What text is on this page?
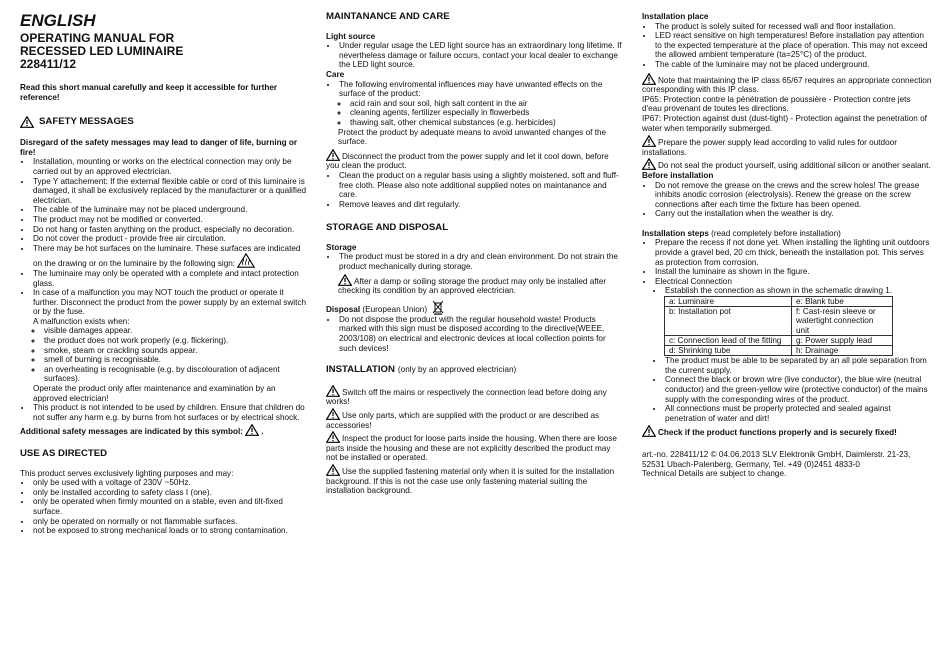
ENGLISH
OPERATING MANUAL FOR
RECESSED LED LUMINAIRE
228411/12

Read this short manual carefully and keep it accessible for further reference!

SAFETY MESSAGES

Disregard of the safety messages may lead to danger of life, burning or fire!

• Installation, mounting or works on the electrical connection may only be carried out by an approved electrician.
• Type Y attachement: If the external flexible cable or cord of this luminaire is damaged, it shall be exclusively replaced by the manufacturer or a qualified electrician.
• The cable of the luminaire may not be placed underground.
• The product may not be modified or converted.
• Do not hang or fasten anything on the product, especially no decoration.
• Do not cover the product - provide free air circulation.
• There may be hot surfaces on the luminaire. These surfaces are indicated on the drawing or on the luminaire by the following sign:
• The luminaire may only be operated with a complete and intact protection glass.
• In case of a malfunction you may NOT touch the product or operate it further. Disconnect the product from the power supply by an external switch or by the fuse.
A malfunction exists when:
◦ visible damages appear.
◦ the product does not work properly (e.g. flickering).
◦ smoke, steam or crackling sounds appear.
◦ smell of burning is recognisable.
◦ an overheating is recognisable (e.g. by discolouration of adjacent surfaces).
Operate the product only after maintenance and examination by an approved electrician!
• This product is not intended to be used by children. Ensure that children do not suffer any harm e.g. by burns from hot surfaces or by electrical shock.

Additional safety messages are indicated by this symbol: .

USE AS DIRECTED

This product serves exclusively lighting purposes and may:

• only be used with a voltage of 230V ~50Hz.
• only be installed according to safety class I (one).
• only be operated when firmly mounted on a stable, even and tilt-fixed surface.
• only be operated on normally or not flammable surfaces.
• not be exposed to strong mechanical loads or to strong contamination.
MAINTANANCE AND CARE
Light source
• Under regular usage the LED light source has an extraordinary long lifetime. If nevertheless damage or failure occurs, contact your local dealer to exchange the LED light source.
Care
• The following enviromental influences may have unwanted effects on the surface of the product:
◦ acid rain and sour soil, high salt content in the air
◦ cleaning agents, fertilizer especially in flowerbeds
◦ thawing salt, other chemical substances (e.g. herbicides)

Protect the product by adequate means to avoid unwanted changes of the surface.

Disconnect the product from the power supply and let it cool down, before you clean the product.

• Clean the product on a regular basis using a slightly moistened, soft and fluff-free cloth. Please also note additional supplied notes on maintanance and care.
• Remove leaves and dirt regularly.
STORAGE AND DISPOSAL
Storage
• The product must be stored in a dry and clean environment. Do not strain the product mechanically during storage.

After a damp or soiling storage the product may only be installed after checking its condition by an approved electrician.

Disposal (European Union)

• Do not dispose the product with the regular household waste! Products marked with this sign must be disposed according to the directive(WEEE, 2003/108) on electrical and electronic devices at local collection points for such devices!
INSTALLATION (only by an approved electrician)

Switch off the mains or respectively the connection lead before doing any works!

Use only parts, which are supplied with the product or are described as accessories!

Inspect the product for loose parts inside the housing. When there are loose parts inside the housing and these are not explicitly described the product may not be installed or operated.

Use the supplied fastening material only when it is suited for the installation background. If this is not the case use only fastening material suiting the installation background.

Installation place
• The product is solely suited for recessed wall and floor installation.
• LED react sensitive on high temperatures! Before installation pay attention to the expected temperature at the place of operation. This may not exceed the allowed ambient temperature (ta=25°C) of the product.
• The cable of the luminaire may not be placed underground.

Note that maintaining the IP class 65/67 requires an appropriate connection corresponding with this IP class.

IP65: Protection contre la pénétration de poussière - Protection contre jets d'eau provenant de toutes les directions.

IP67: Protection against dust (dust-tight) - Protection against the penetration of water when temporarily submerged.

Prepare the power supply lead according to valid rules for outdoor installations.

Do not seal the product yourself, using additional silicon or another sealant.

Before installation
• Do not remove the grease on the crews and the screw holes! The grease inhibits anodic corrosion (electrolysis). Renew the grease on the screw connections after each time the fixture has been opened.
• Carry out the installation when the weather is dry.

Installation steps (read completely before installation)

• Prepare the recess if not done yet. When installing the lighting unit outdoors provide a gravel bed, 20 cm thick, beneath the installation pot. This serves as protection from corrosion.
• Install the luminaire as shown in the figure.
• Electrical Connection
• Establish the connection as shown in the schematic drawing 1.
a: Luminaire	e: Blank tube
b: Installation pot	f: Cast-resin sleeve or watertight connection unit
c: Connection lead of the fitting	g: Power supply lead
d: Shrinking tube	h: Drainage
• The product must be able to be separated by an all pole separation from the current supply.
• Connect the black or brown wire (live conductor), the blue wire (neutral conductor) and the green-yellow wire (protective conductor) of the mains supply with the corresponding wires of the product.
• All connections must be properly protected and sealed against penetration of water and dirt!

Check if the product functions properly and is securely fixed!

art.-no. 228411/12 © 04.06.2013 SLV Elektronik GmbH, Daimlerstr. 21-23,
52531 Ubach-Palenberg, Germany, Tel. +49 (0)2451 4833-0
Technical Details are subject to change.
